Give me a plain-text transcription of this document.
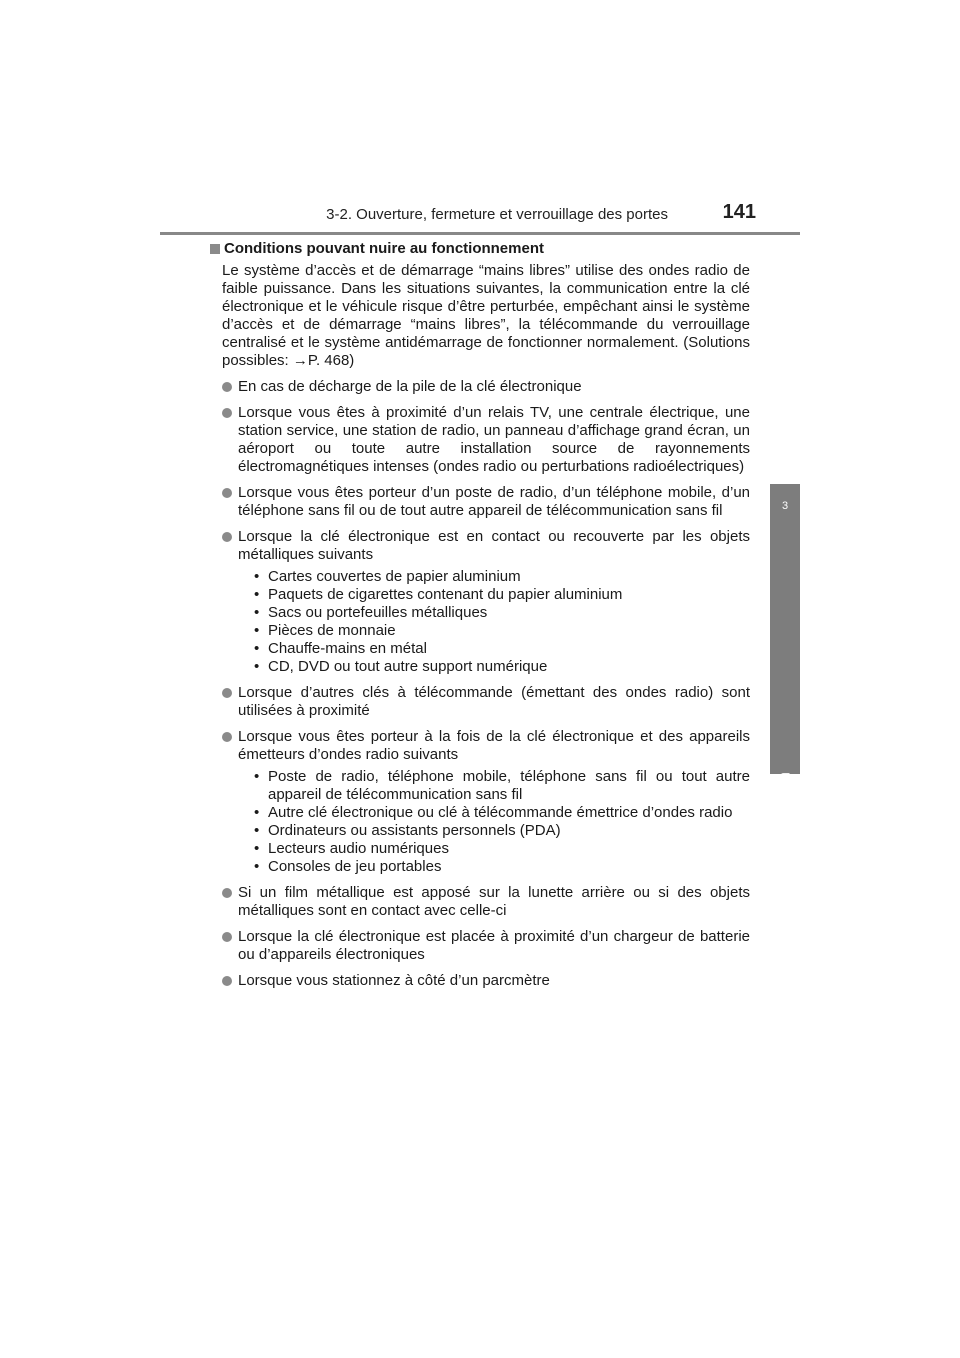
3-2. Ouverture, fermeture et verrouillage des portes	141
3
Utilisation de chaque équipement
Conditions pouvant nuire au fonctionnement

Le système d’accès et de démarrage “mains libres” utilise des ondes radio de faible puissance. Dans les situations suivantes, la communication entre la clé électronique et le véhicule risque d’être perturbée, empêchant ainsi le système d’accès et de démarrage “mains libres”, la télécommande du verrouillage centralisé et le système antidémarrage de fonctionner normalement. (Solutions possibles: →P. 468)

En cas de décharge de la pile de la clé électronique
Lorsque vous êtes à proximité d’un relais TV, une centrale électrique, une station service, une station de radio, un panneau d’affichage grand écran, un aéroport ou toute autre installation source de rayonnements électromagnétiques intenses (ondes radio ou perturbations radioélectriques)
Lorsque vous êtes porteur d’un poste de radio, d’un téléphone mobile, d’un téléphone sans fil ou de tout autre appareil de télécommunication sans fil
Lorsque la clé électronique est en contact ou recouverte par les objets métalliques suivants
• Cartes couvertes de papier aluminium
• Paquets de cigarettes contenant du papier aluminium
• Sacs ou portefeuilles métalliques
• Pièces de monnaie
• Chauffe-mains en métal
• CD, DVD ou tout autre support numérique
Lorsque d’autres clés à télécommande (émettant des ondes radio) sont utilisées à proximité
Lorsque vous êtes porteur à la fois de la clé électronique et des appareils émetteurs d’ondes radio suivants
• Poste de radio, téléphone mobile, téléphone sans fil ou tout autre appareil de télécommunication sans fil
• Autre clé électronique ou clé à télécommande émettrice d’ondes radio
• Ordinateurs ou assistants personnels (PDA)
• Lecteurs audio numériques
• Consoles de jeu portables
Si un film métallique est apposé sur la lunette arrière ou si des objets métalliques sont en contact avec celle-ci
Lorsque la clé électronique est placée à proximité d’un chargeur de batterie ou d’appareils électroniques
Lorsque vous stationnez à côté d’un parcmètre
